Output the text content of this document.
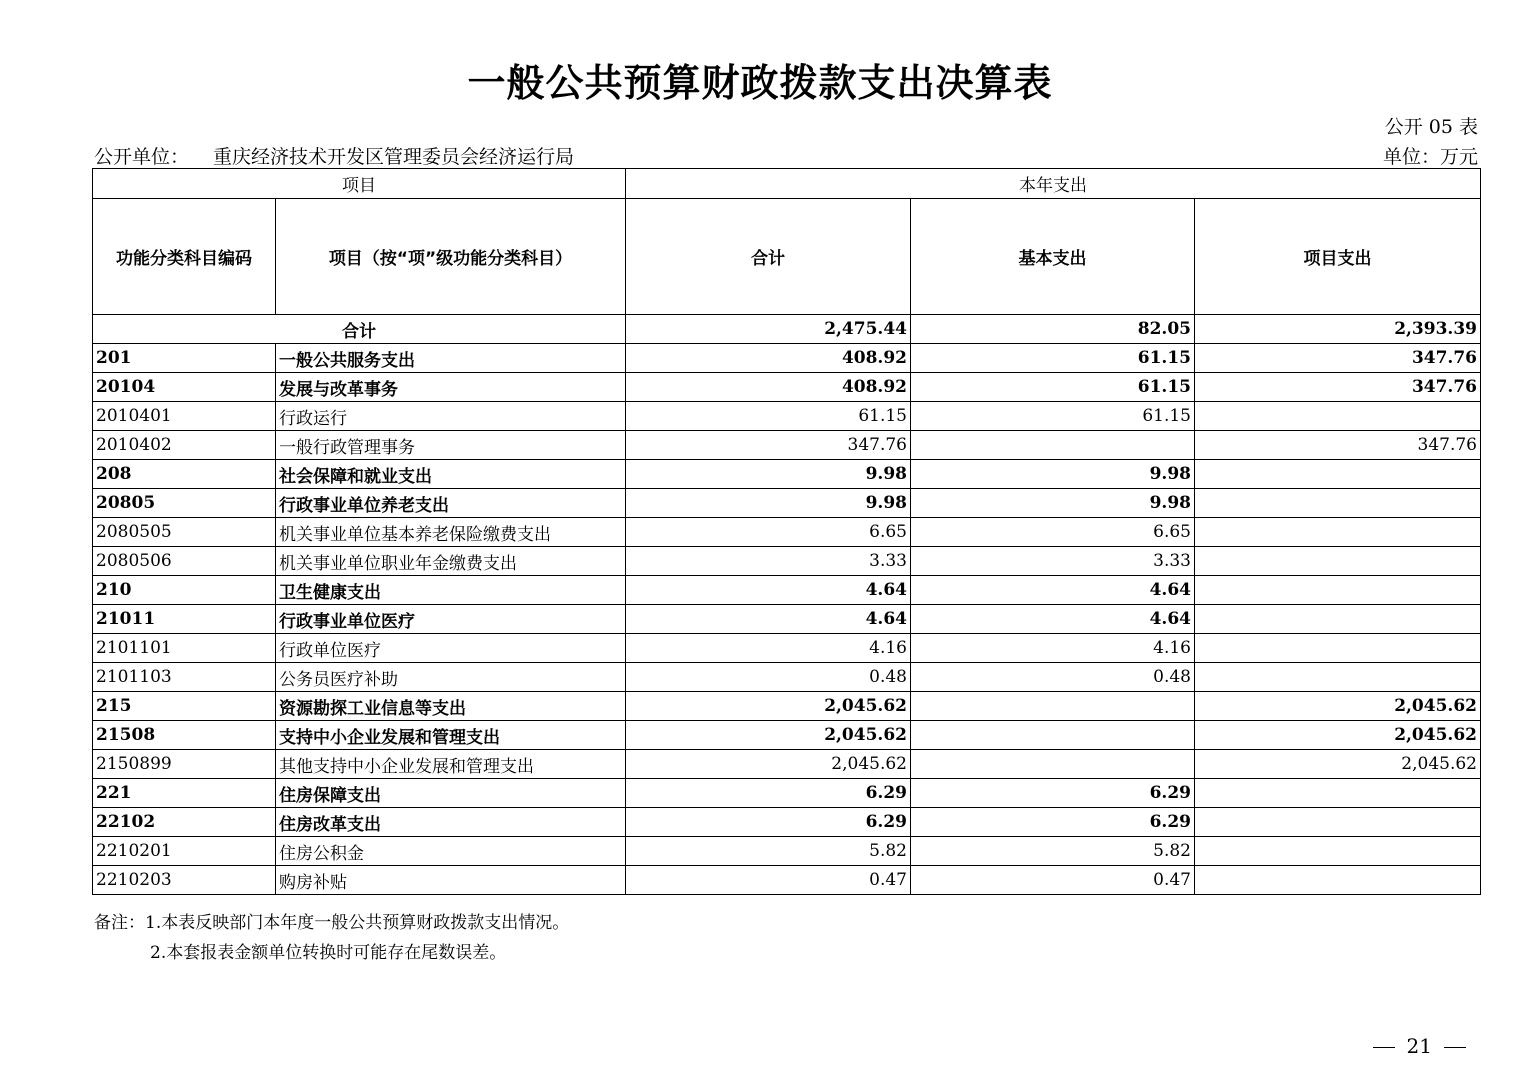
一般公共预算财政拨款支出决算表
公开 05 表
公开单位： 重庆经济技术开发区管理委员会经济运行局	单位：万元
项目		本年支出		
功能分类科目编码	项目（按“项”级功能分类科目）	合计	基本支出	项目支出
合计		2,475.44	82.05	2,393.39
201	一般公共服务支出	408.92	61.15	347.76
20104	发展与改革事务	408.92	61.15	347.76
2010401	行政运行	61.15	61.15	
2010402	一般行政管理事务	347.76		347.76
208	社会保障和就业支出	9.98	9.98	
20805	行政事业单位养老支出	9.98	9.98	
2080505	机关事业单位基本养老保险缴费支出	6.65	6.65	
2080506	机关事业单位职业年金缴费支出	3.33	3.33	
210	卫生健康支出	4.64	4.64	
21011	行政事业单位医疗	4.64	4.64	
2101101	行政单位医疗	4.16	4.16	
2101103	公务员医疗补助	0.48	0.48	
215	资源勘探工业信息等支出	2,045.62		2,045.62
21508	支持中小企业发展和管理支出	2,045.62		2,045.62
2150899	其他支持中小企业发展和管理支出	2,045.62		2,045.62
221	住房保障支出	6.29	6.29	
22102	住房改革支出	6.29	6.29	
2210201	住房公积金	5.82	5.82	
2210203	购房补贴	0.47	0.47	
备注：1.本表反映部门本年度一般公共预算财政拨款支出情况。
2.本套报表金额单位转换时可能存在尾数误差。
21
